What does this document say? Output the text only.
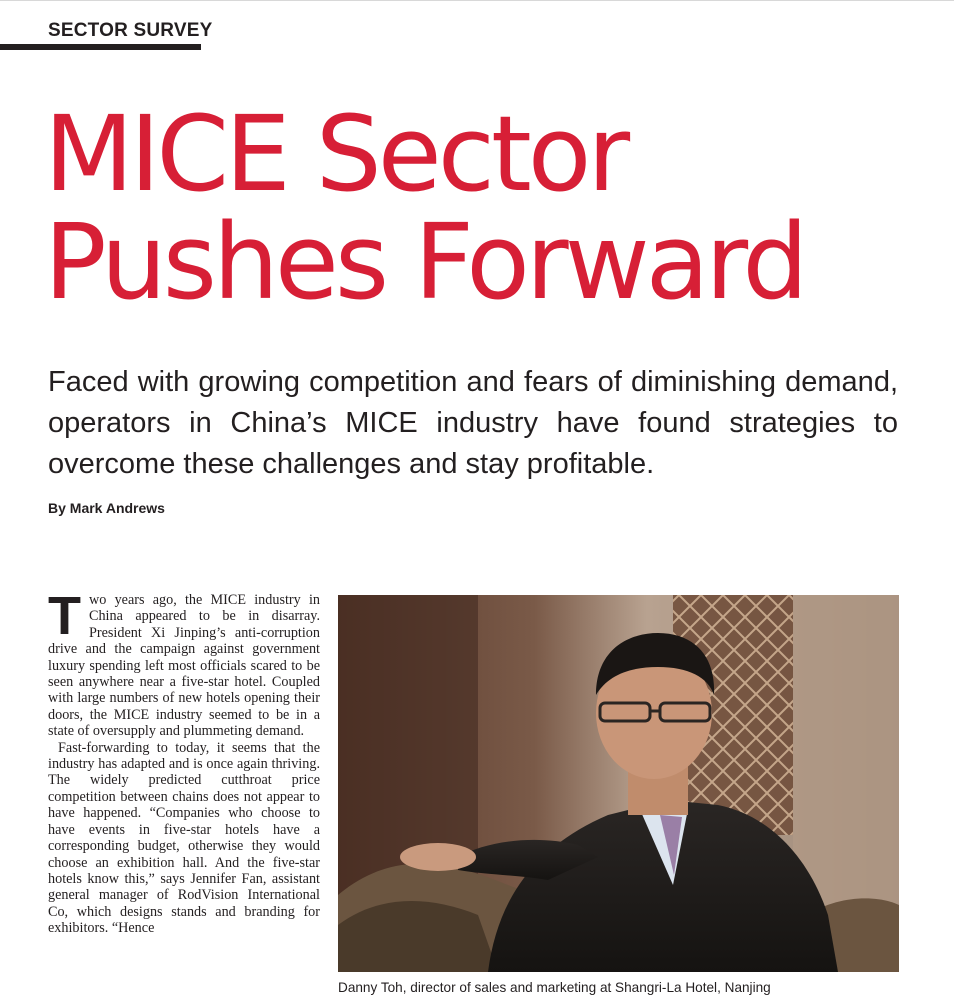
SECTOR SURVEY
MICE Sector
Pushes Forward

Faced with growing competition and fears of diminishing demand, operators in China’s MICE industry have found strategies to overcome these challenges and stay profitable.

By Mark Andrews

Two years ago, the MICE industry in China appeared to be in disarray. President Xi Jinping’s anti-corruption drive and the campaign against government luxury spending left most officials scared to be seen anywhere near a five-star hotel. Coupled with large numbers of new hotels opening their doors, the MICE industry seemed to be in a state of oversupply and plummeting demand.

Fast-forwarding to today, it seems that the industry has adapted and is once again thriving. The widely predicted cutthroat price competition between chains does not appear to have happened. “Companies who choose to have events in five-star hotels have a corresponding budget, otherwise they would choose an exhibition hall. And the five-star hotels know this,” says Jennifer Fan, assistant general manager of RodVision International Co, which designs stands and branding for exhibitors. “Hence

Danny Toh, director of sales and marketing at Shangri-La Hotel, Nanjing
